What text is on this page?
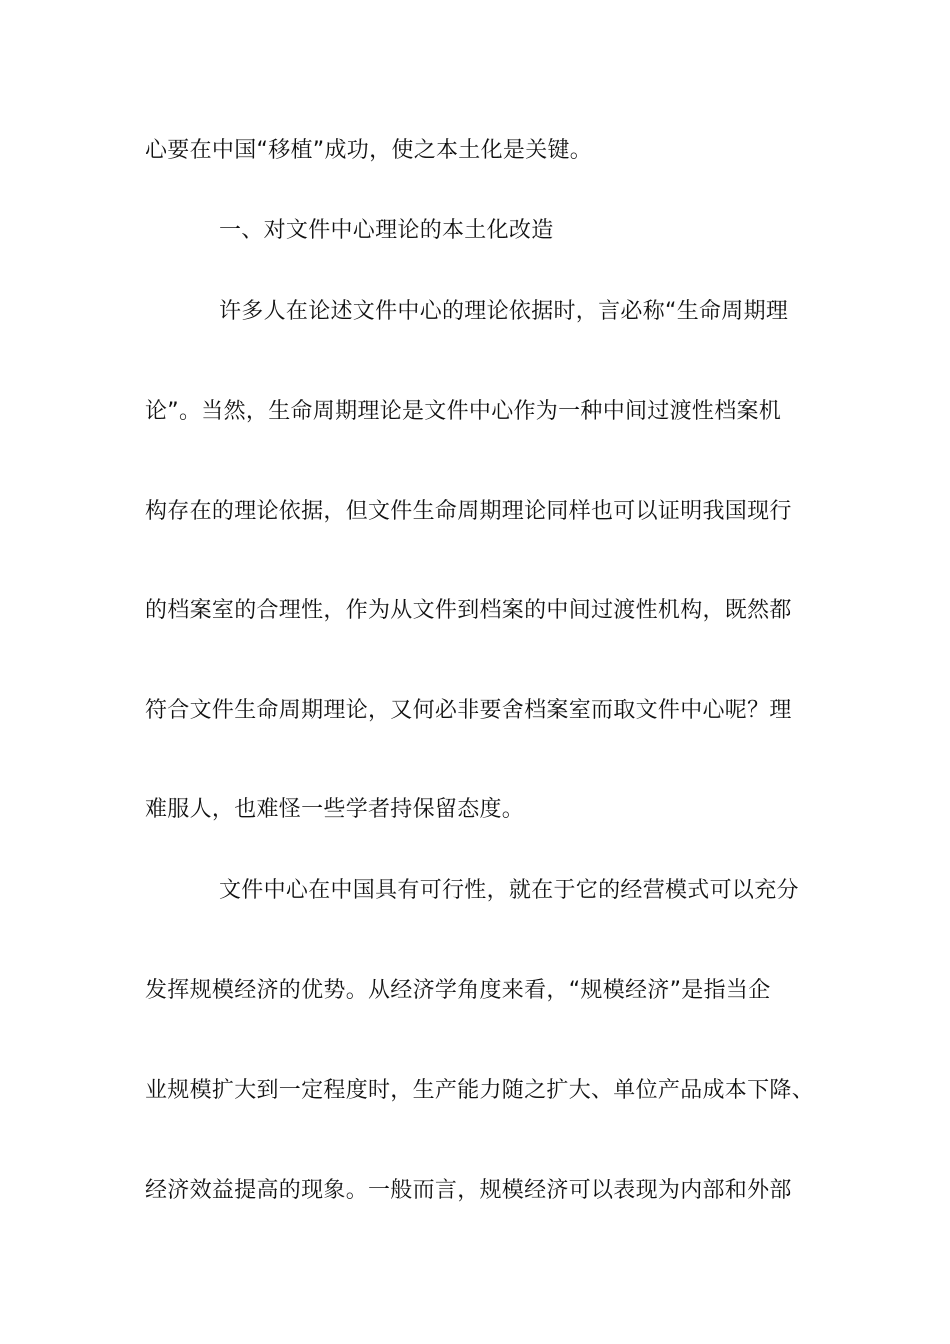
心要在中国“移植”成功，使之本土化是关键。
一、对文件中心理论的本土化改造
许多人在论述文件中心的理论依据时，言必称“生命周期理
论”。当然，生命周期理论是文件中心作为一种中间过渡性档案机
构存在的理论依据，但文件生命周期理论同样也可以证明我国现行
的档案室的合理性，作为从文件到档案的中间过渡性机构，既然都
符合文件生命周期理论，又何必非要舍档案室而取文件中心呢？理
难服人，也难怪一些学者持保留态度。
文件中心在中国具有可行性，就在于它的经营模式可以充分
发挥规模经济的优势。从经济学角度来看，“规模经济”是指当企
业规模扩大到一定程度时，生产能力随之扩大、单位产品成本下降、
经济效益提高的现象。一般而言，规模经济可以表现为内部和外部
